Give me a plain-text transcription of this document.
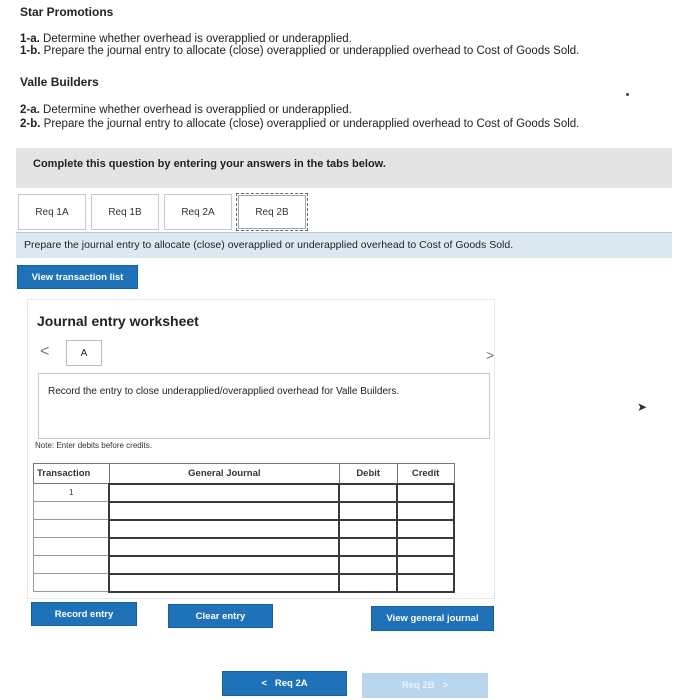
Star Promotions
1-a. Determine whether overhead is overapplied or underapplied.
1-b. Prepare the journal entry to allocate (close) overapplied or underapplied overhead to Cost of Goods Sold.
Valle Builders
2-a. Determine whether overhead is overapplied or underapplied.
2-b. Prepare the journal entry to allocate (close) overapplied or underapplied overhead to Cost of Goods Sold.
Complete this question by entering your answers in the tabs below.
Req 1A	Req 1B	Req 2A	Req 2B
Prepare the journal entry to allocate (close) overapplied or underapplied overhead to Cost of Goods Sold.
View transaction list
Journal entry worksheet
<	A	>
Record the entry to close underapplied/overapplied overhead for Valle Builders.
Note: Enter debits before credits.
Transaction	General Journal	Debit	Credit
1			

Record entry	Clear entry	View general journal
➤
< Req 2A	Req 2B >
